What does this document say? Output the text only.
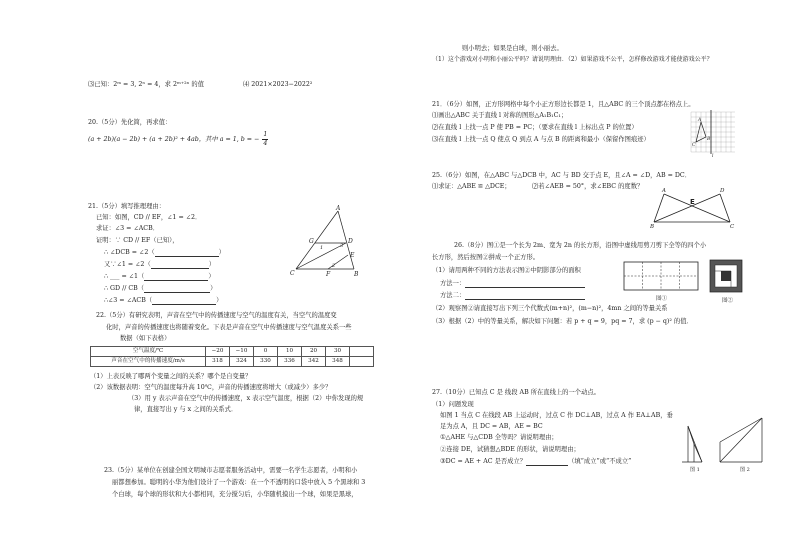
⑶已知：2ᵐ = 3, 2ⁿ = 4，求 2ᵐ⁺²ⁿ 的值	⑷ 2021×2023−2022²
20.（5分）先化简，再求值：
(a + 2b)(a − 2b) + (a + 2b)² + 4ab，其中 a = 1, b = − $\frac{1}{4}$
21.（5分）填写推理理由：
已知：如图，CD // EF，∠1 = ∠2．
求证：∠3 = ∠ACB．
证明：∵ CD // EF（已知），
∴ ∠DCB = ∠2（	）
又∵∠1 = ∠2（	）
∴ ___ = ∠1（	）
∴ GD // CB（	）
∴∠3 = ∠ACB（	）
A
G	D
E
C	F	B
1
2
3
22.（5分）有研究表明，声音在空气中的传播速度与空气的温度有关，当空气的温度变
化时，声音的传播速度也将随着变化。下表是声音在空气中传播速度与空气温度关系一些
数据（如下表格）
空气温度/℃	−20	−10	0	10	20	30	
声音在空气中的传播速度/m/s	318	324	330	336	342	348	
（1）上表反映了哪两个变量之间的关系？哪个是自变量？
（2）该数据表明：空气的温度每升高 10℃，声音的传播速度将增大（或减少）多少？
（3）用 y 表示声音在空气中的传播速度，x 表示空气温度，根据（2）中你发现的规
律，直接写出 y 与 x 之间的关系式．
23.（5分）某单位在创建全国文明城市志愿者服务活动中，需要一名学生志愿者，小明和小
丽都想参加。聪明的小华为他们设计了一个游戏：在一个不透明的口袋中放入 5 个黑球和 3
个白球，每个球的形状和大小都相同，充分搅匀后，小华随机摸出一个球，如果是黑球，
则小明去；如果是白球，则小丽去。
（1）这个游戏对小明和小丽公平吗？请说明理由．（2）如果游戏不公平，怎样修改游戏才能使游戏公平？
21．（6分）如图，正方形网格中每个小正方形边长都是 1，且△ABC 的三个顶点都在格点上。
⑴画出△ABC 关于直线 l 对称的图形△A₁B₁C₁；
⑵在直线 l 上找一点 P 使 PB = PC；（要求在直线 l 上标出点 P 的位置）
⑶在直线 l 上找一点 Q 使点 Q 到点 A 与点 B 的距离和最小（保留作图痕迹）
A
B
C
l
25.（6分）如图，在△ABC 与△DCB 中，AC 与 BD 交于点 E，且∠A = ∠D，AB = DC．
⑴求证：△ABE ≌ △DCE；	⑵若∠AEB = 50°，求∠EBC 的度数？
A	D
B	C
E
26.（8分）图①是一个长为 2m、宽为 2n 的长方形，沿图中虚线用剪刀剪下全等的四个小
长方形，然后按图②拼成一个正方形。
（1）请用两种不同的方法表示图②中阴影部分的面积
方法一：
方法二：
（2）观察图②请直接写出下列三个代数式(m+n)²，(m−n)²，4mn 之间的等量关系
（3）根据（2）中的等量关系，解决如下问题：若 p + q = 9，pq = 7，求 (p − q)² 的值．
图①	图②
27.（10分）已知点 C 是 线段 AB 所在直线上的一个动点。
（1）问题发现
如图 1 当点 C 在线段 AB 上运动时，过点 C 作 DC⊥AB，过点 A 作 EA⊥AB，垂
足为点 A，且 DC = AB，AE = BC
①△AHE 与△CDB 全等吗？请说明理由；
②连接 DE，试猜想△BDE 的形状，请说明理由；
③DC = AE + AC 是否成立？	（填“成立”或“不成立”
图 1	图 2
